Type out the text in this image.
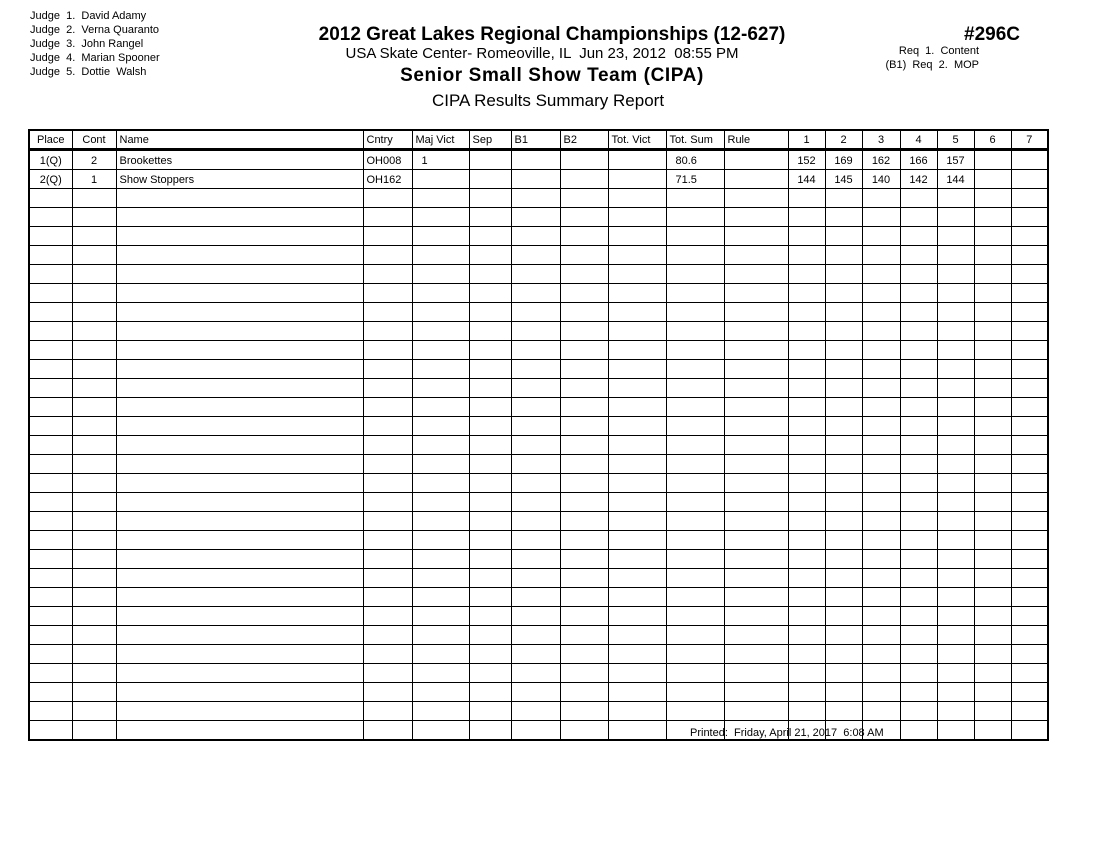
Judge  1.  David Adamy
Judge  2.  Verna Quaranto
Judge  3.  John Rangel
Judge  4.  Marian Spooner
Judge  5.  Dottie  Walsh
2012 Great Lakes Regional Championships (12-627)
USA Skate Center- Romeoville, IL  Jun 23, 2012  08:55 PM
Senior Small Show Team (CIPA)
CIPA Results Summary Report
#296C
Req  1.  Content
(B1)  Req  2.  MOP
Place	Cont	Name	Cntry	Maj Vict	Sep	B1	B2	Tot. Vict	Tot. Sum	Rule	1	2	3	4	5	6	7
1(Q)	2	Brookettes	OH008	1					80.6		152	169	162	166	157		
2(Q)	1	Show Stoppers	OH162						71.5		144	145	140	142	144		

Printed:  Friday, April 21, 2017  6:08 AM
